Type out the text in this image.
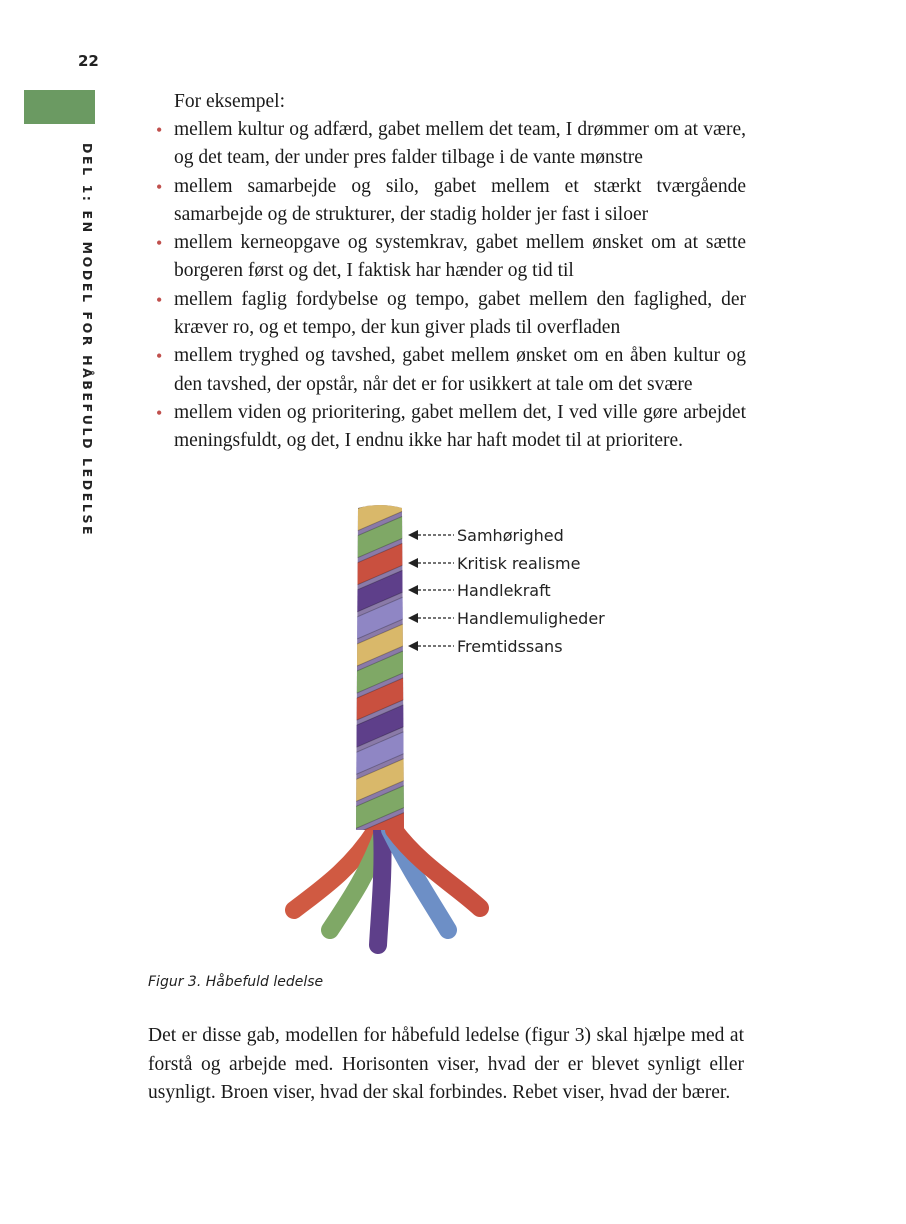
22
DEL 1: EN MODEL FOR HÅBEFULD LEDELSE

For eksempel:

• mellem kultur og adfærd, gabet mellem det team, I drømmer om at være, og det team, der under pres falder tilbage i de vante mønstre
• mellem samarbejde og silo, gabet mellem et stærkt tværgående samarbejde og de strukturer, der stadig holder jer fast i siloer
• mellem kerneopgave og systemkrav, gabet mellem ønsket om at sætte borgeren først og det, I faktisk har hænder og tid til
• mellem faglig fordybelse og tempo, gabet mellem den faglighed, der kræver ro, og et tempo, der kun giver plads til overfladen
• mellem tryghed og tavshed, gabet mellem ønsket om en åben kultur og den tavshed, der opstår, når det er for usikkert at tale om det svære
• mellem viden og prioritering, gabet mellem det, I ved ville gøre arbejdet meningsfuldt, og det, I endnu ikke har haft modet til at prioritere.
Samhørighed
Kritisk realisme
Handlekraft
Handlemuligheder
Fremtidssans
Figur 3. Håbefuld ledelse

Det er disse gab, modellen for håbefuld ledelse (figur 3) skal hjælpe med at forstå og arbejde med. Horisonten viser, hvad der er blevet synligt eller usynligt. Broen viser, hvad der skal forbindes. Rebet viser, hvad der bærer.
